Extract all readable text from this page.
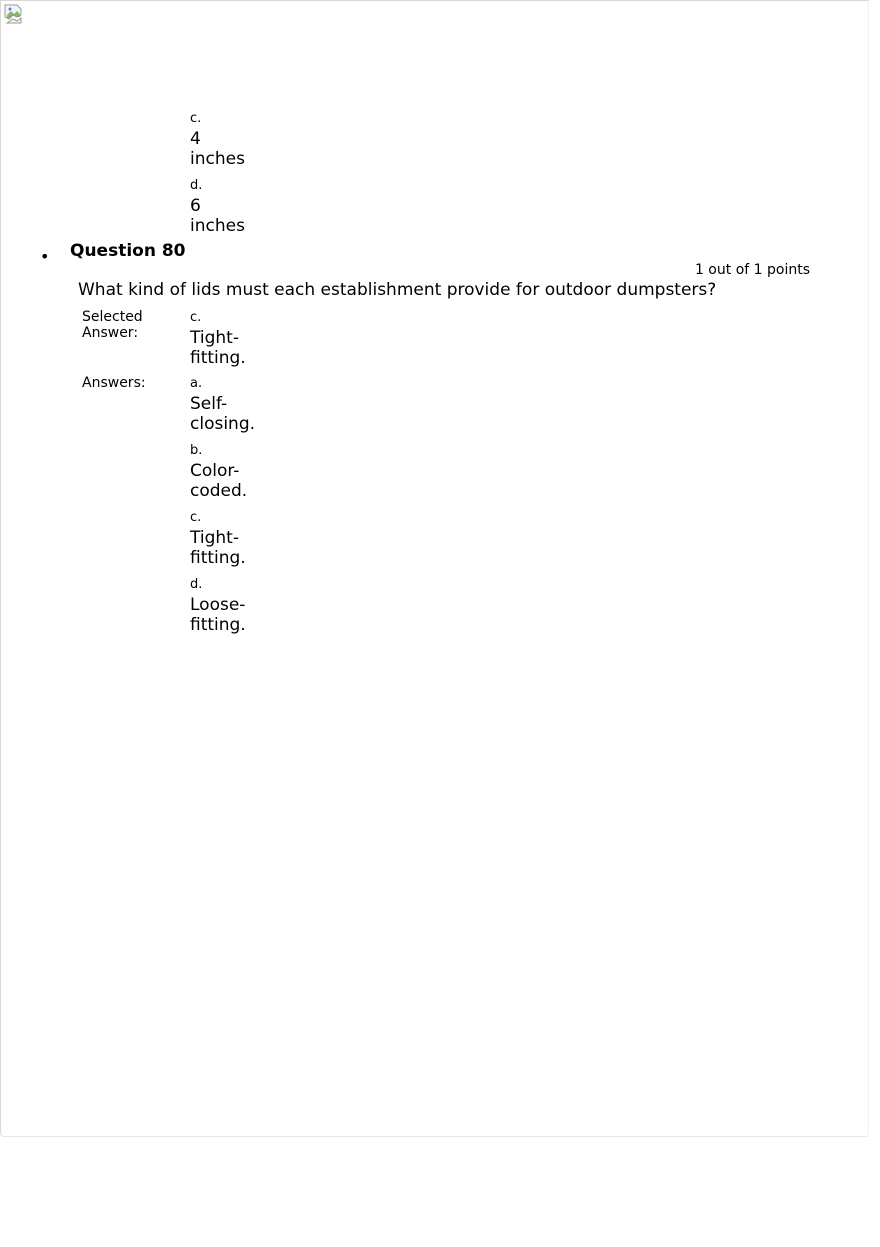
c.
4 inches
d.
6 inches
• Question 80
1 out of 1 points
What kind of lids must each establishment provide for outdoor dumpsters?
Selected Answer:
c.
Tight-fitting.
Answers:	a.
Self-closing.
b.
Color-coded.
c.
Tight-fitting.
d.
Loose-fitting.
